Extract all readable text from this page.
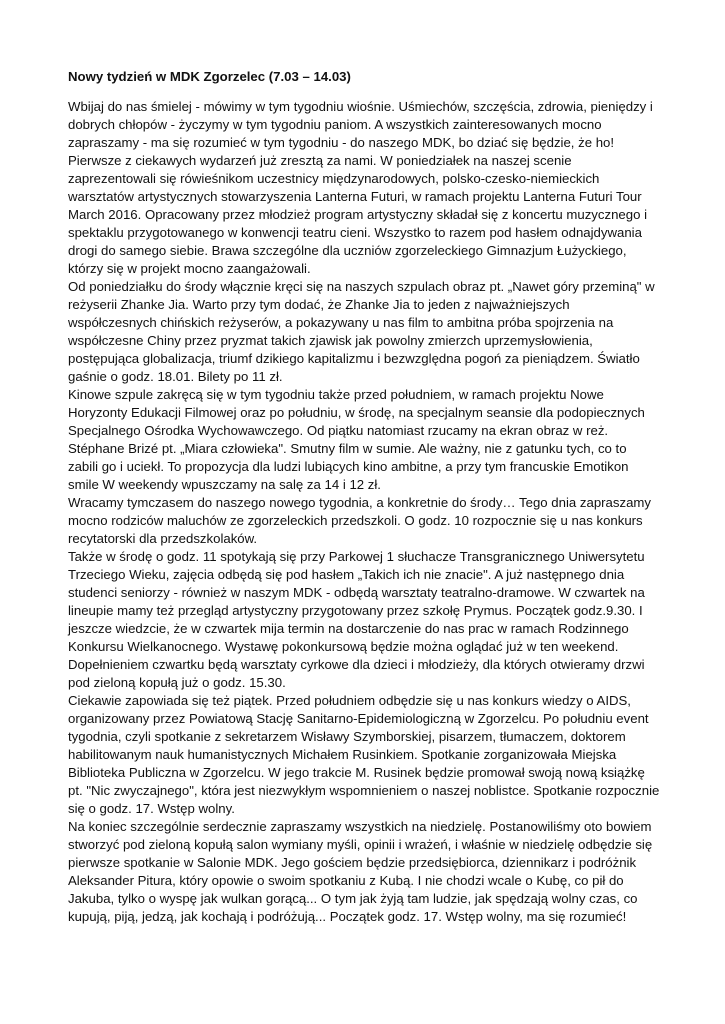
Nowy tydzień w MDK Zgorzelec (7.03 – 14.03)

Wbijaj do nas śmielej - mówimy w tym tygodniu wiośnie. Uśmiechów, szczęścia, zdrowia, pieniędzy i dobrych chłopów - życzymy w tym tygodniu paniom. A wszystkich zainteresowanych mocno zapraszamy - ma się rozumieć w tym tygodniu - do naszego MDK, bo dziać się będzie, że ho! Pierwsze z ciekawych wydarzeń już zresztą za nami. W poniedziałek na naszej scenie zaprezentowali się rówieśnikom uczestnicy międzynarodowych, polsko-czesko-niemieckich warsztatów artystycznych stowarzyszenia Lanterna Futuri, w ramach projektu Lanterna Futuri Tour March 2016. Opracowany przez młodzież program artystyczny składał się z koncertu muzycznego i spektaklu przygotowanego w konwencji teatru cieni. Wszystko to razem pod hasłem odnajdywania drogi do samego siebie. Brawa szczególne dla uczniów zgorzeleckiego Gimnazjum Łużyckiego, którzy się w projekt mocno zaangażowali.

Od poniedziałku do środy włącznie kręci się na naszych szpulach obraz pt. „Nawet góry przeminą" w reżyserii Zhanke Jia. Warto przy tym dodać, że Zhanke Jia to jeden z najważniejszych współczesnych chińskich reżyserów, a pokazywany u nas film to ambitna próba spojrzenia na współczesne Chiny przez pryzmat takich zjawisk jak powolny zmierzch uprzemysłowienia, postępująca globalizacja, triumf dzikiego kapitalizmu i bezwzględna pogoń za pieniądzem. Światło gaśnie o godz. 18.01. Bilety po 11 zł.

Kinowe szpule zakręcą się w tym tygodniu także przed południem, w ramach projektu Nowe Horyzonty Edukacji Filmowej oraz po południu, w środę, na specjalnym seansie dla podopiecznych Specjalnego Ośrodka Wychowawczego. Od piątku natomiast rzucamy na ekran obraz w reż. Stéphane Brizé pt. „Miara człowieka". Smutny film w sumie. Ale ważny, nie z gatunku tych, co to zabili go i uciekł. To propozycja dla ludzi lubiących kino ambitne, a przy tym francuskie Emotikon smile W weekendy wpuszczamy na salę za 14 i 12 zł.

Wracamy tymczasem do naszego nowego tygodnia, a konkretnie do środy… Tego dnia zapraszamy mocno rodziców maluchów ze zgorzeleckich przedszkoli. O godz. 10 rozpocznie się u nas konkurs recytatorski dla przedszkolaków.

Także w środę o godz. 11 spotykają się przy Parkowej 1 słuchacze Transgranicznego Uniwersytetu Trzeciego Wieku, zajęcia odbędą się pod hasłem „Takich ich nie znacie". A już następnego dnia studenci seniorzy - również w naszym MDK - odbędą warsztaty teatralno-dramowe. W czwartek na lineupie mamy też przegląd artystyczny przygotowany przez szkołę Prymus. Początek godz.9.30. I jeszcze wiedzcie, że w czwartek mija termin na dostarczenie do nas prac w ramach Rodzinnego Konkursu Wielkanocnego. Wystawę pokonkursową będzie można oglądać już w ten weekend. Dopełnieniem czwartku będą warsztaty cyrkowe dla dzieci i młodzieży, dla których otwieramy drzwi pod zieloną kopułą już o godz. 15.30.

Ciekawie zapowiada się też piątek. Przed południem odbędzie się u nas konkurs wiedzy o AIDS, organizowany przez Powiatową Stację Sanitarno-Epidemiologiczną w Zgorzelcu. Po południu event tygodnia, czyli spotkanie z sekretarzem Wisławy Szymborskiej, pisarzem, tłumaczem, doktorem habilitowanym nauk humanistycznych Michałem Rusinkiem. Spotkanie zorganizowała Miejska Biblioteka Publiczna w Zgorzelcu. W jego trakcie M. Rusinek będzie promował swoją nową książkę pt. "Nic zwyczajnego", która jest niezwykłym wspomnieniem o naszej noblistce. Spotkanie rozpocznie się o godz. 17. Wstęp wolny.

Na koniec szczególnie serdecznie zapraszamy wszystkich na niedzielę. Postanowiliśmy oto bowiem stworzyć pod zieloną kopułą salon wymiany myśli, opinii i wrażeń, i właśnie w niedzielę odbędzie się pierwsze spotkanie w Salonie MDK. Jego gościem będzie przedsiębiorca, dziennikarz i podróżnik Aleksander Pitura, który opowie o swoim spotkaniu z Kubą. I nie chodzi wcale o Kubę, co pił do Jakuba, tylko o wyspę jak wulkan gorącą... O tym jak żyją tam ludzie, jak spędzają wolny czas, co kupują, piją, jedzą, jak kochają i podróżują... Początek godz. 17. Wstęp wolny, ma się rozumieć!
